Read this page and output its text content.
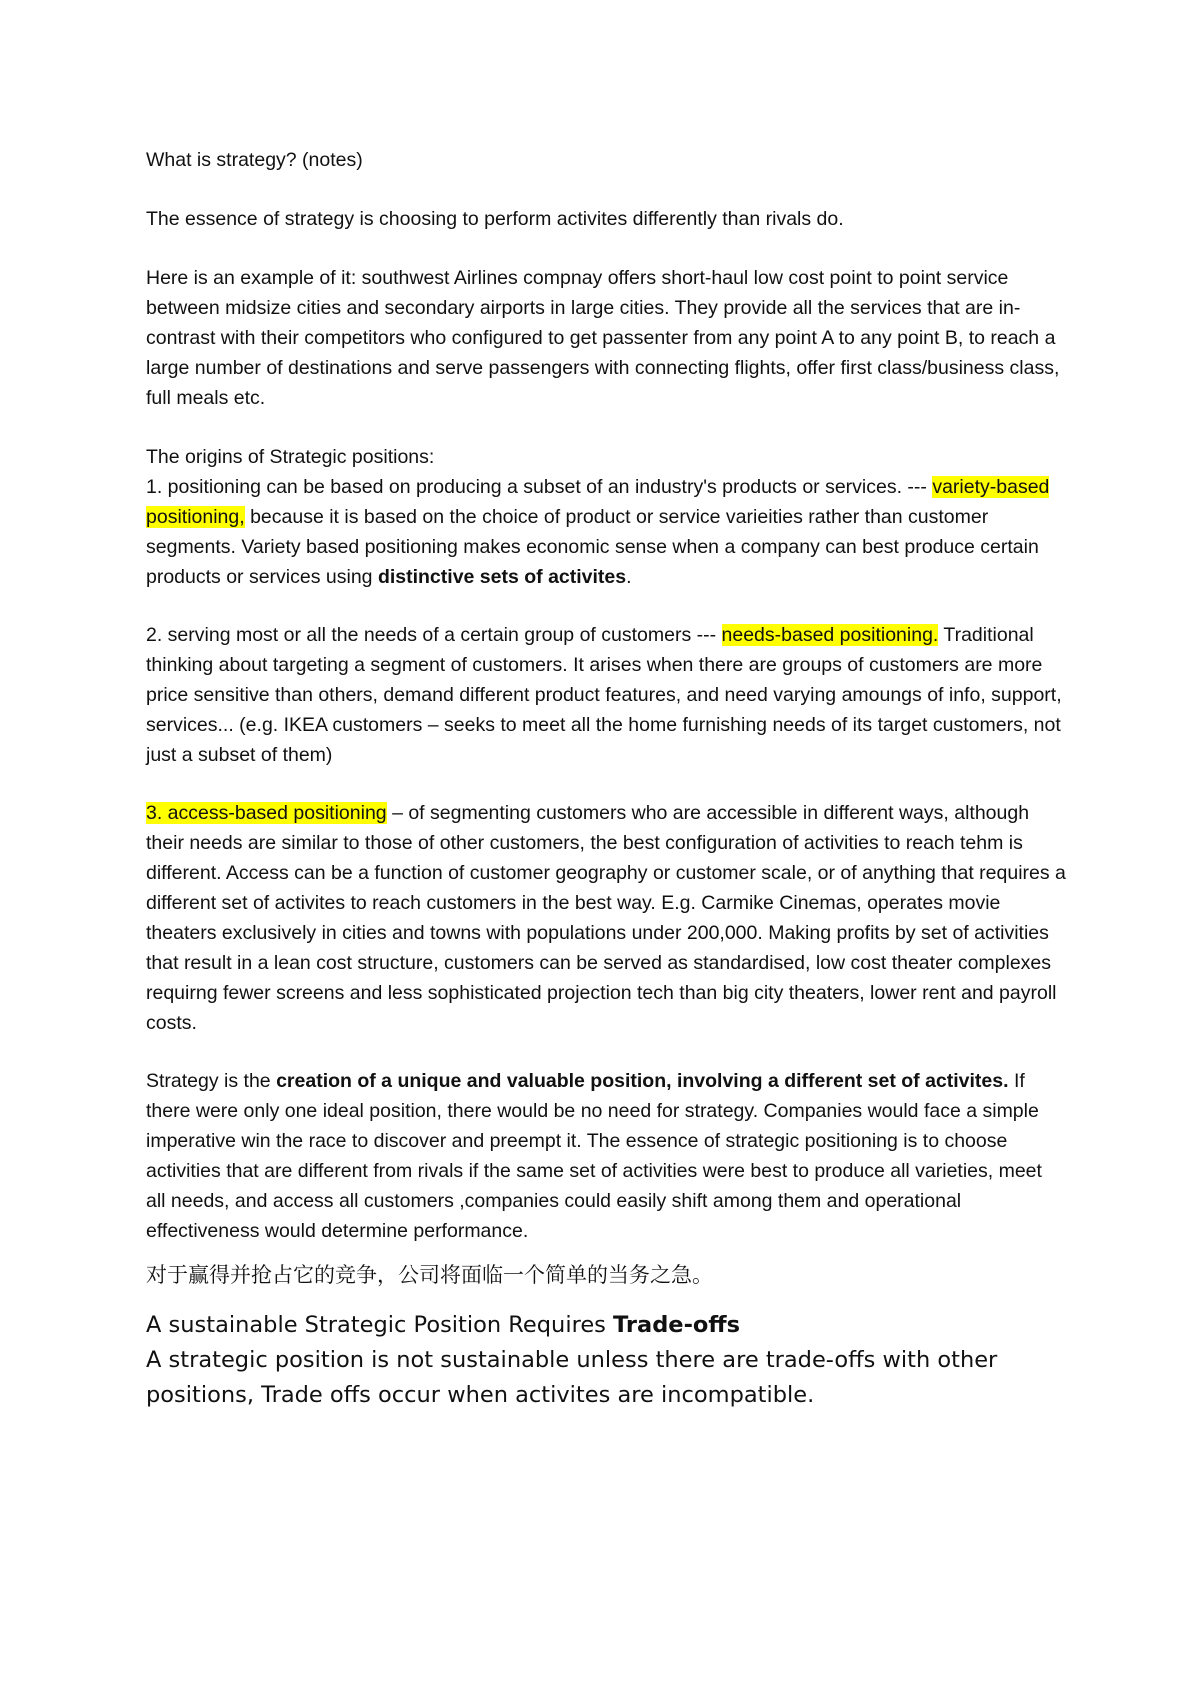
What is strategy? (notes)

The essence of strategy is choosing to perform activites differently than rivals do.

Here is an example of it: southwest Airlines compnay offers short-haul low cost point to point service between midsize cities and secondary airports in large cities. They provide all the services that are in-contrast with their competitors who configured to get passenter from any point A to any point B, to reach a large number of destinations and serve passengers with connecting flights, offer first class/business class, full meals etc.

The origins of Strategic positions:

1. positioning can be based on producing a subset of an industry's products or services. --- variety-based positioning, because it is based on the choice of product or service varieities rather than customer segments. Variety based positioning makes economic sense when a company can best produce certain products or services using distinctive sets of activites.

2. serving most or all the needs of a certain group of customers --- needs-based positioning. Traditional thinking about targeting a segment of customers. It arises when there are groups of customers are more price sensitive than others, demand different product features, and need varying amoungs of info, support, services... (e.g. IKEA customers – seeks to meet all the home furnishing needs of its target customers, not just a subset of them)

3. access-based positioning – of segmenting customers who are accessible in different ways, although their needs are similar to those of other customers, the best configuration of activities to reach tehm is different. Access can be a function of customer geography or customer scale, or of anything that requires a different set of activites to reach customers in the best way. E.g. Carmike Cinemas, operates movie theaters exclusively in cities and towns with populations under 200,000. Making profits by set of activities that result in a lean cost structure, customers can be served as standardised, low cost theater complexes requirng fewer screens and less sophisticated projection tech than big city theaters, lower rent and payroll costs.

Strategy is the creation of a unique and valuable position, involving a different set of activites. If there were only one ideal position, there would be no need for strategy. Companies would face a simple imperative win the race to discover and preempt it. The essence of strategic positioning is to choose activities that are different from rivals if the same set of activities were best to produce all varieties, meet all needs, and access all customers ,companies could easily shift among them and operational effectiveness would determine performance.

对于赢得并抢占它的竞争，公司将面临一个简单的当务之急。

A sustainable Strategic Position Requires Trade-offs

A strategic position is not sustainable unless there are trade-offs with other positions, Trade offs occur when activites are incompatible.
